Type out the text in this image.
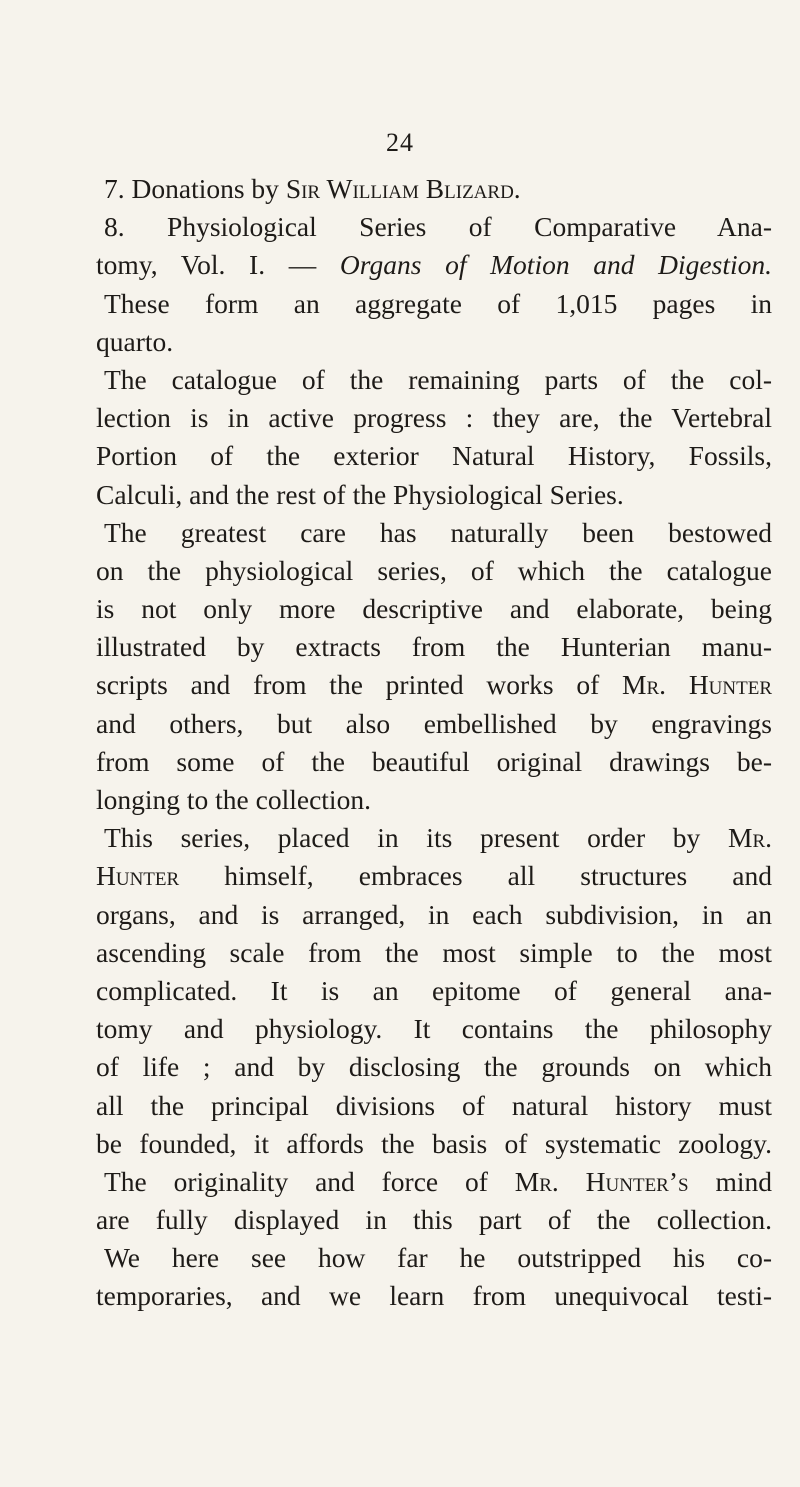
24
7. Donations by Sir William Blizard.
8. Physiological Series of Comparative Ana-
tomy, Vol. I. — Organs of Motion and Digestion.
These form an aggregate of 1,015 pages in
quarto.
The catalogue of the remaining parts of the col-
lection is in active progress : they are, the Vertebral
Portion of the exterior Natural History, Fossils,
Calculi, and the rest of the Physiological Series.
The greatest care has naturally been bestowed
on the physiological series, of which the catalogue
is not only more descriptive and elaborate, being
illustrated by extracts from the Hunterian manu-
scripts and from the printed works of Mr. Hunter
and others, but also embellished by engravings
from some of the beautiful original drawings be-
longing to the collection.
This series, placed in its present order by Mr.
Hunter himself, embraces all structures and
organs, and is arranged, in each subdivision, in an
ascending scale from the most simple to the most
complicated. It is an epitome of general ana-
tomy and physiology. It contains the philosophy
of life ; and by disclosing the grounds on which
all the principal divisions of natural history must
be founded, it affords the basis of systematic zoology.
The originality and force of Mr. Hunter’s mind
are fully displayed in this part of the collection.
We here see how far he outstripped his co-
temporaries, and we learn from unequivocal testi-
